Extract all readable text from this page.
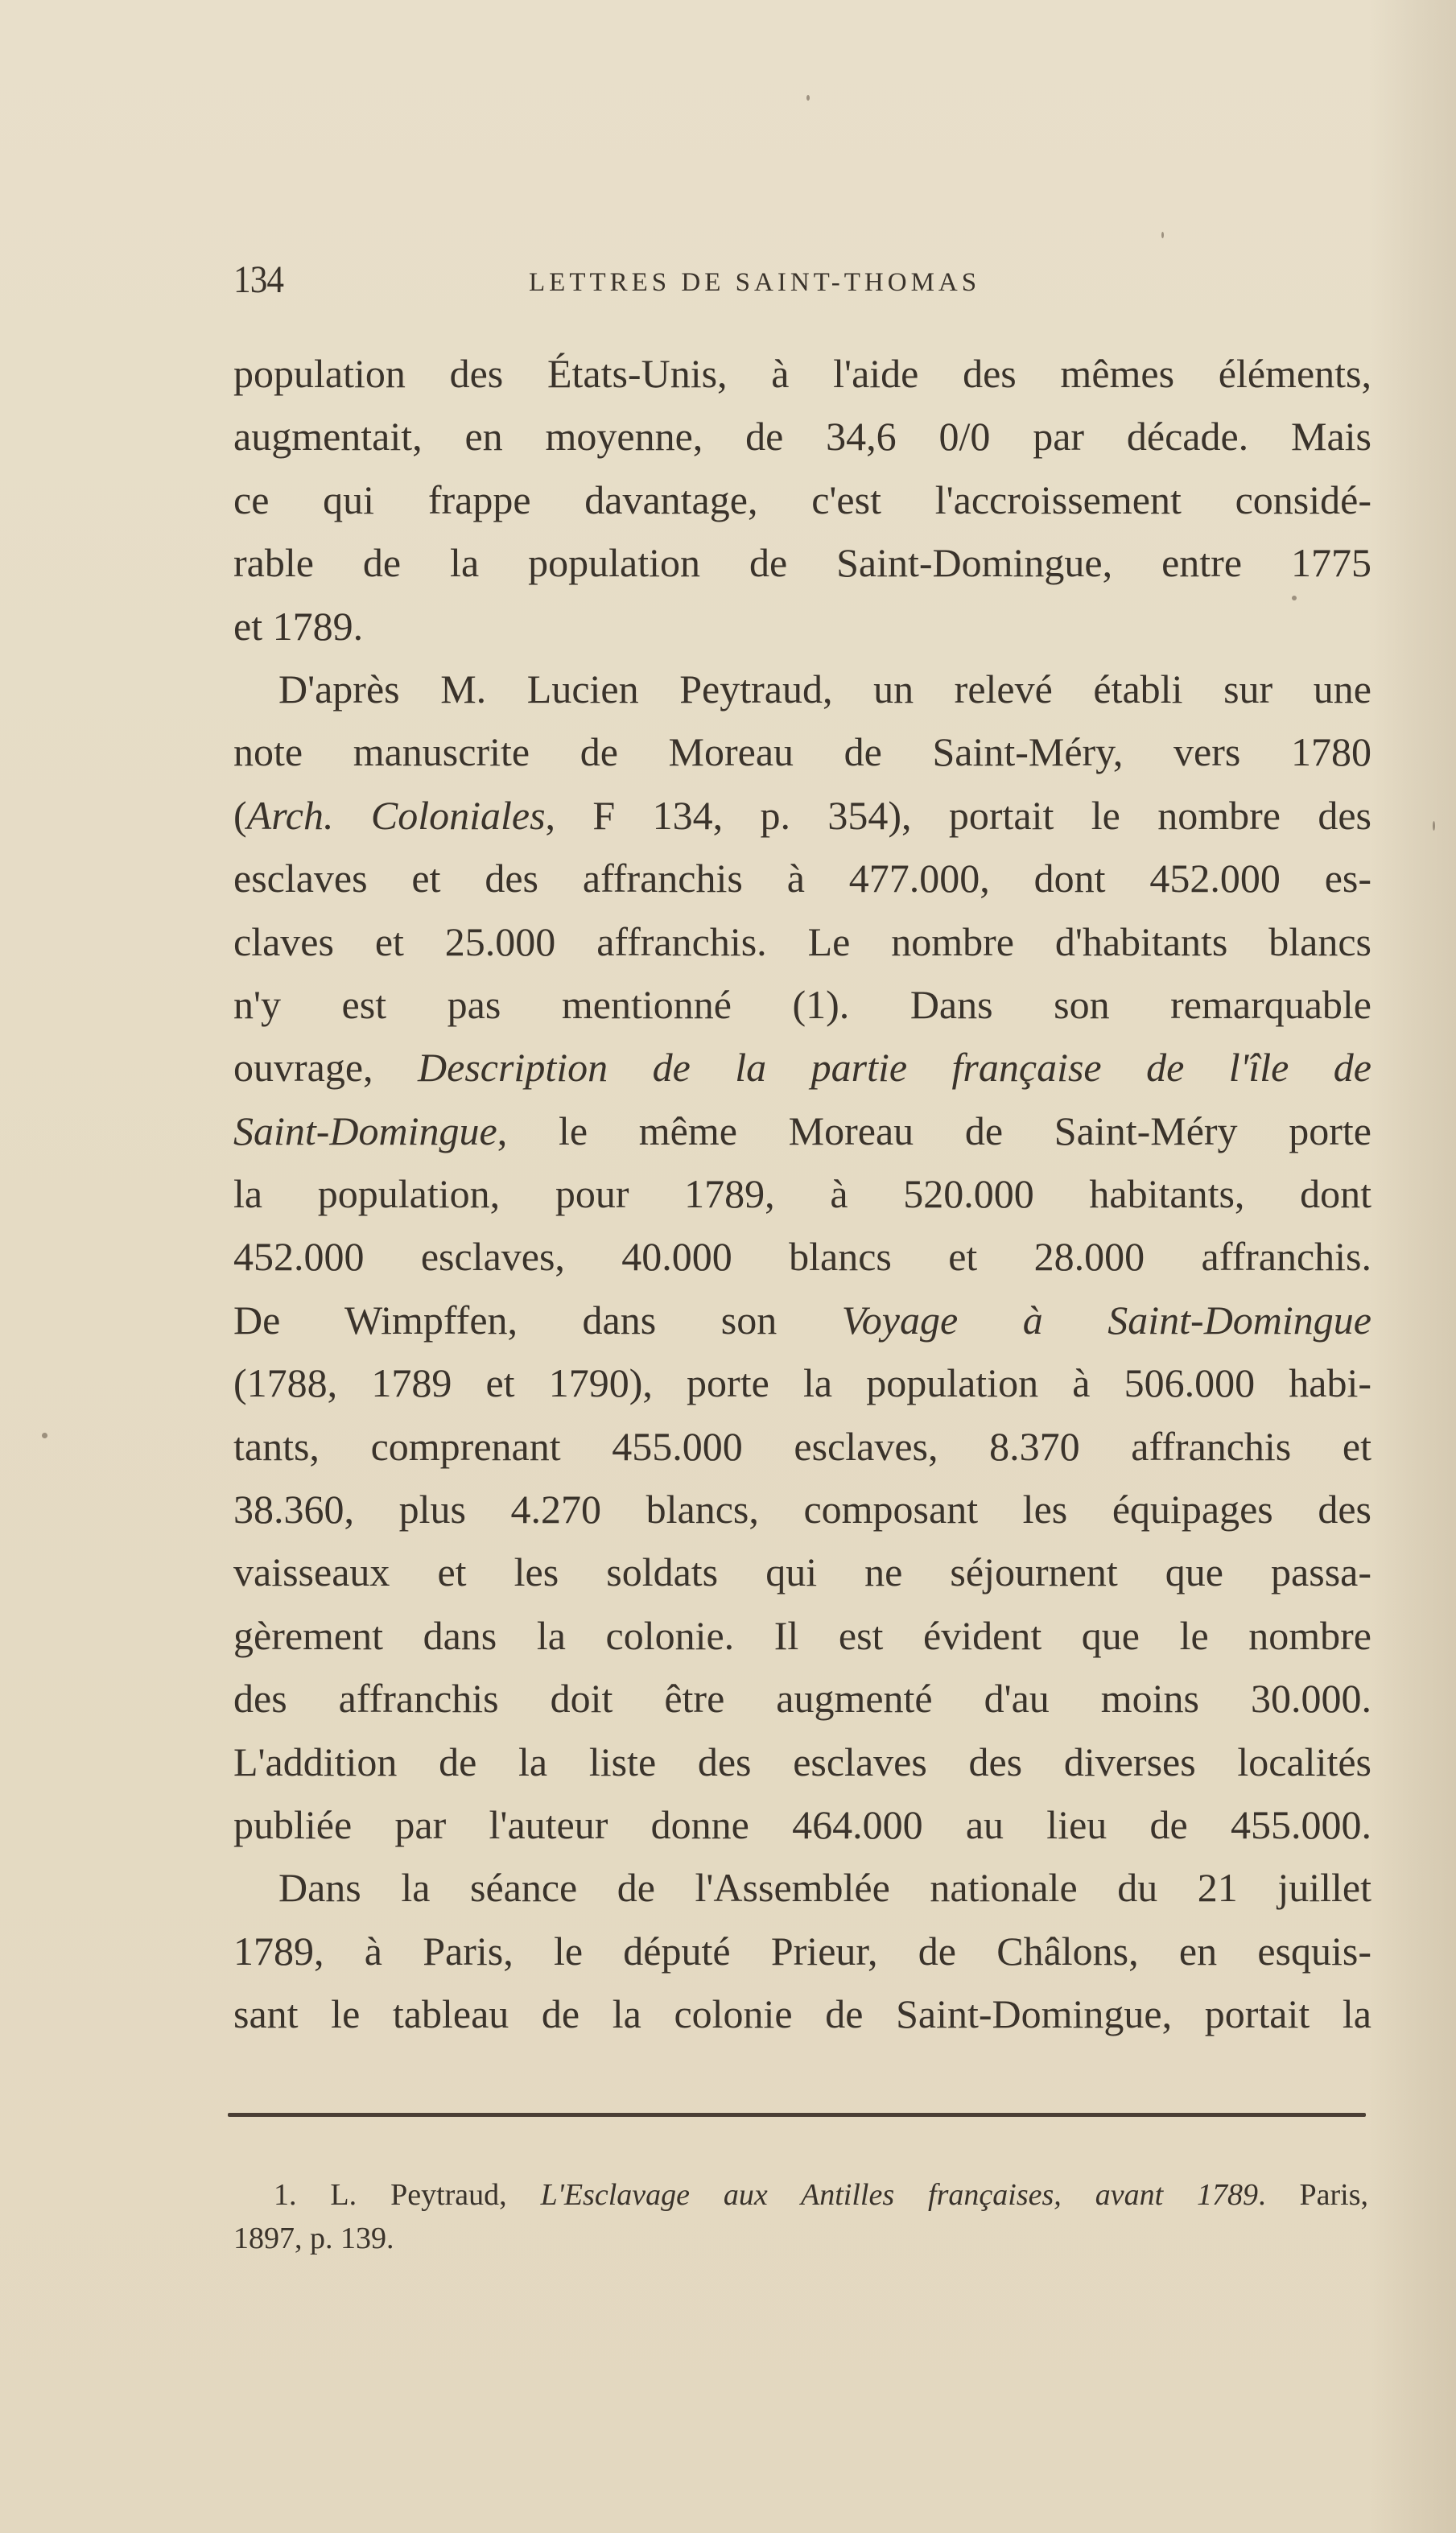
134	LETTRES DE SAINT-THOMAS
population des États-Unis, à l'aide des mêmes éléments,
augmentait, en moyenne, de 34,6 0/0 par décade. Mais
ce qui frappe davantage, c'est l'accroissement considé-
rable de la population de Saint-Domingue, entre 1775
et 1789.
D'après M. Lucien Peytraud, un relevé établi sur une
note manuscrite de Moreau de Saint-Méry, vers 1780
(Arch. Coloniales, F 134, p. 354), portait le nombre des
esclaves et des affranchis à 477.000, dont 452.000 es-
claves et 25.000 affranchis. Le nombre d'habitants blancs
n'y est pas mentionné (1). Dans son remarquable
ouvrage, Description de la partie française de l'île de
Saint-Domingue, le même Moreau de Saint-Méry porte
la population, pour 1789, à 520.000 habitants, dont
452.000 esclaves, 40.000 blancs et 28.000 affranchis.
De Wimpffen, dans son Voyage à Saint-Domingue
(1788, 1789 et 1790), porte la population à 506.000 habi-
tants, comprenant 455.000 esclaves, 8.370 affranchis et
38.360, plus 4.270 blancs, composant les équipages des
vaisseaux et les soldats qui ne séjournent que passa-
gèrement dans la colonie. Il est évident que le nombre
des affranchis doit être augmenté d'au moins 30.000.
L'addition de la liste des esclaves des diverses localités
publiée par l'auteur donne 464.000 au lieu de 455.000.
Dans la séance de l'Assemblée nationale du 21 juillet
1789, à Paris, le député Prieur, de Châlons, en esquis-
sant le tableau de la colonie de Saint-Domingue, portait la
1. L. Peytraud, L'Esclavage aux Antilles françaises, avant 1789. Paris,
1897, p. 139.
